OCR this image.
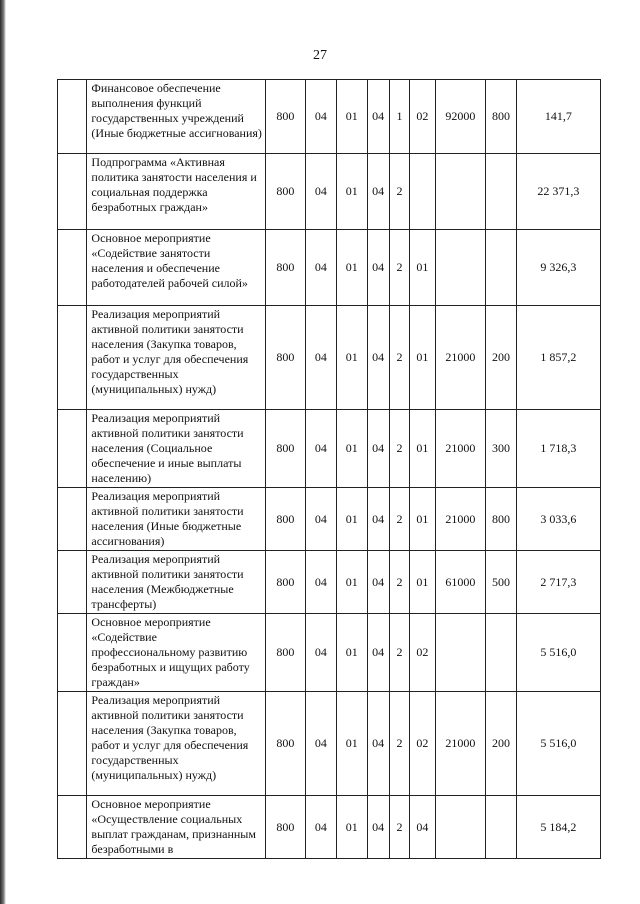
27
	Финансовое обеспечение выполнения функций государственных учреждений (Иные бюджетные ассигнования)	800	04	01	04	1	02	92000	800	141,7
	Подпрограмма «Активная политика занятости населения и социальная поддержка безработных граждан»	800	04	01	04	2				22 371,3
	Основное мероприятие «Содействие занятости населения и обеспечение работодателей рабочей силой»	800	04	01	04	2	01			9 326,3
	Реализация мероприятий активной политики занятости населения (Закупка товаров, работ и услуг для обеспечения государственных (муниципальных) нужд)	800	04	01	04	2	01	21000	200	1 857,2
	Реализация мероприятий активной политики занятости населения (Социальное обеспечение и иные выплаты населению)	800	04	01	04	2	01	21000	300	1 718,3
	Реализация мероприятий активной политики занятости населения (Иные бюджетные ассигнования)	800	04	01	04	2	01	21000	800	3 033,6
	Реализация мероприятий активной политики занятости населения (Межбюджетные трансферты)	800	04	01	04	2	01	61000	500	2 717,3
	Основное мероприятие «Содействие профессиональному развитию безработных и ищущих работу граждан»	800	04	01	04	2	02			5 516,0
	Реализация мероприятий активной политики занятости населения (Закупка товаров, работ и услуг для обеспечения государственных (муниципальных) нужд)	800	04	01	04	2	02	21000	200	5 516,0
	Основное мероприятие «Осуществление социальных выплат гражданам, признанным безработными в	800	04	01	04	2	04			5 184,2
